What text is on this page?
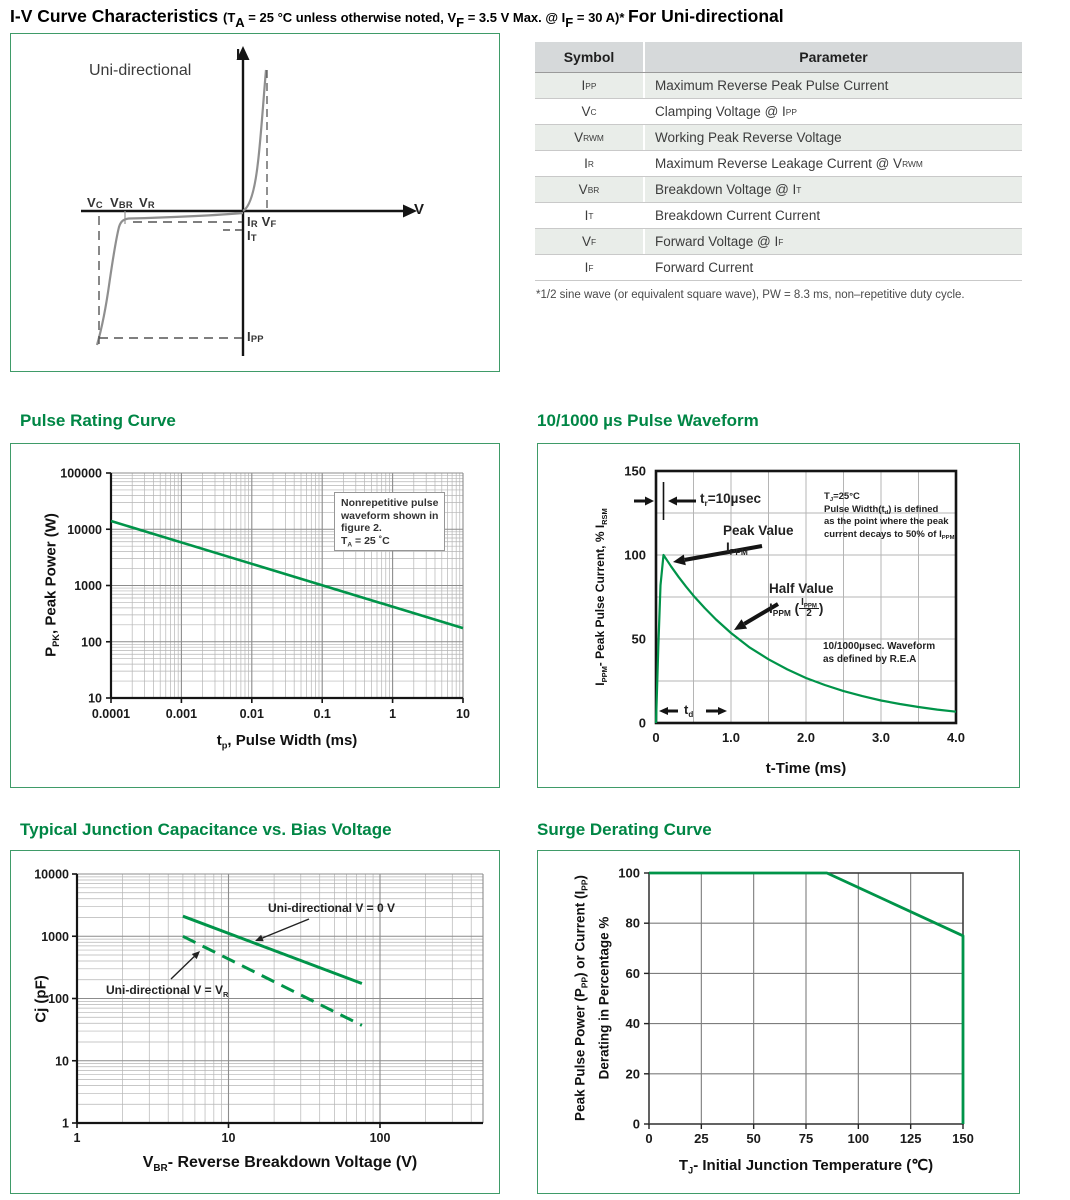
I-V Curve Characteristics ($T_A = 25$ °C unless otherwise noted, $V_F = 3.5$ V Max. @ $I_F = 30$ A)* For Uni-directional
Uni-directional
I
V
$V_C$ $V_{BR}$ $V_R$
$I_R$ $V_F$
$I_T$
$I_{PP}$
Symbol	Parameter
I PP	Maximum Reverse Peak Pulse Current
V C	Clamping Voltage @ I PP
V RWM	Working Peak Reverse Voltage
I R	Maximum Reverse Leakage Current @ V RWM
V BR	Breakdown Voltage @ I T
I T	Breakdown Current Current
V F	Forward Voltage @ I F
I F	Forward Current
*1/2 sine wave (or equivalent square wave), PW = 8.3 ms, non–repetitive duty cycle.
Pulse Rating Curve	10/1000 µs Pulse Waveform
0.0001	0.001	0.01	0.1	1	10
100000
10000
1000
100
10
Nonrepetitive pulse
waveform shown in
figure 2.
$T_A = 25$ ˚C
$t_p$, Pulse Width (ms)
$P_{PK}$, Peak Power (W)
0	1.0	2.0	3.0	4.0
0
50
100
150
$t_r=10\mu\sec$
Peak Value
$I_{PPM}$
Half Value
$I_{PPM}$ ( $\frac{I_{PPM}}{2}$ )
$T_J=25^\circ C$
Pulse $Width(t_d)$ is defined
as the point where the peak
current decays to 50% of $I_{PPM}$
10/1000µsec. Waveform
as defined by R.E.A
$t_d$
t-Time (ms)
$I_{PPM}-$ Peak Pulse Current, % $I_{RSM}$
Typical Junction Capacitance vs. Bias Voltage	Surge Derating Curve
1	10	100
10000
1000
100
10
1
Uni-directional V = 0 V
Uni-directional $V = V_R$
$V_{BR}-$ Reverse Breakdown Voltage (V)
Cj (pF)
0	25	50	75	100 125 150
0
20
40
60
80
100
Peak Pulse Power $(P_{PP})$ or Current $(I_{PP})$
Derating in Percentage %
$T_J-$ Initial Junction Temperature (℃)
